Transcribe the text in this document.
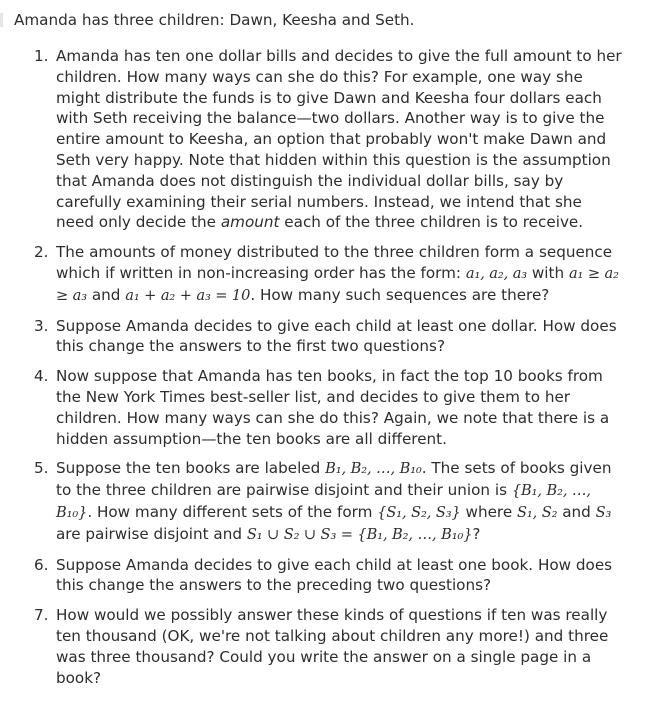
Amanda has three children: Dawn, Keesha and Seth.

1. Amanda has ten one dollar bills and decides to give the full amount to her children. How many ways can she do this? For example, one way she might distribute the funds is to give Dawn and Keesha four dollars each with Seth receiving the balance—two dollars. Another way is to give the entire amount to Keesha, an option that probably won't make Dawn and Seth very happy. Note that hidden within this question is the assumption that Amanda does not distinguish the individual dollar bills, say by carefully examining their serial numbers. Instead, we intend that she need only decide the amount each of the three children is to receive.
2. The amounts of money distributed to the three children form a sequence which if written in non-increasing order has the form: a₁, a₂, a₃ with a₁ ≥ a₂ ≥ a₃ and a₁ + a₂ + a₃ = 10. How many such sequences are there?
3. Suppose Amanda decides to give each child at least one dollar. How does this change the answers to the first two questions?
4. Now suppose that Amanda has ten books, in fact the top 10 books from the New York Times best-seller list, and decides to give them to her children. How many ways can she do this? Again, we note that there is a hidden assumption—the ten books are all different.
5. Suppose the ten books are labeled B₁, B₂, …, B₁₀. The sets of books given to the three children are pairwise disjoint and their union is {B₁, B₂, …, B₁₀}. How many different sets of the form {S₁, S₂, S₃} where S₁, S₂ and S₃ are pairwise disjoint and S₁ ∪ S₂ ∪ S₃ = {B₁, B₂, …, B₁₀}?
6. Suppose Amanda decides to give each child at least one book. How does this change the answers to the preceding two questions?
7. How would we possibly answer these kinds of questions if ten was really ten thousand (OK, we're not talking about children any more!) and three was three thousand? Could you write the answer on a single page in a book?
